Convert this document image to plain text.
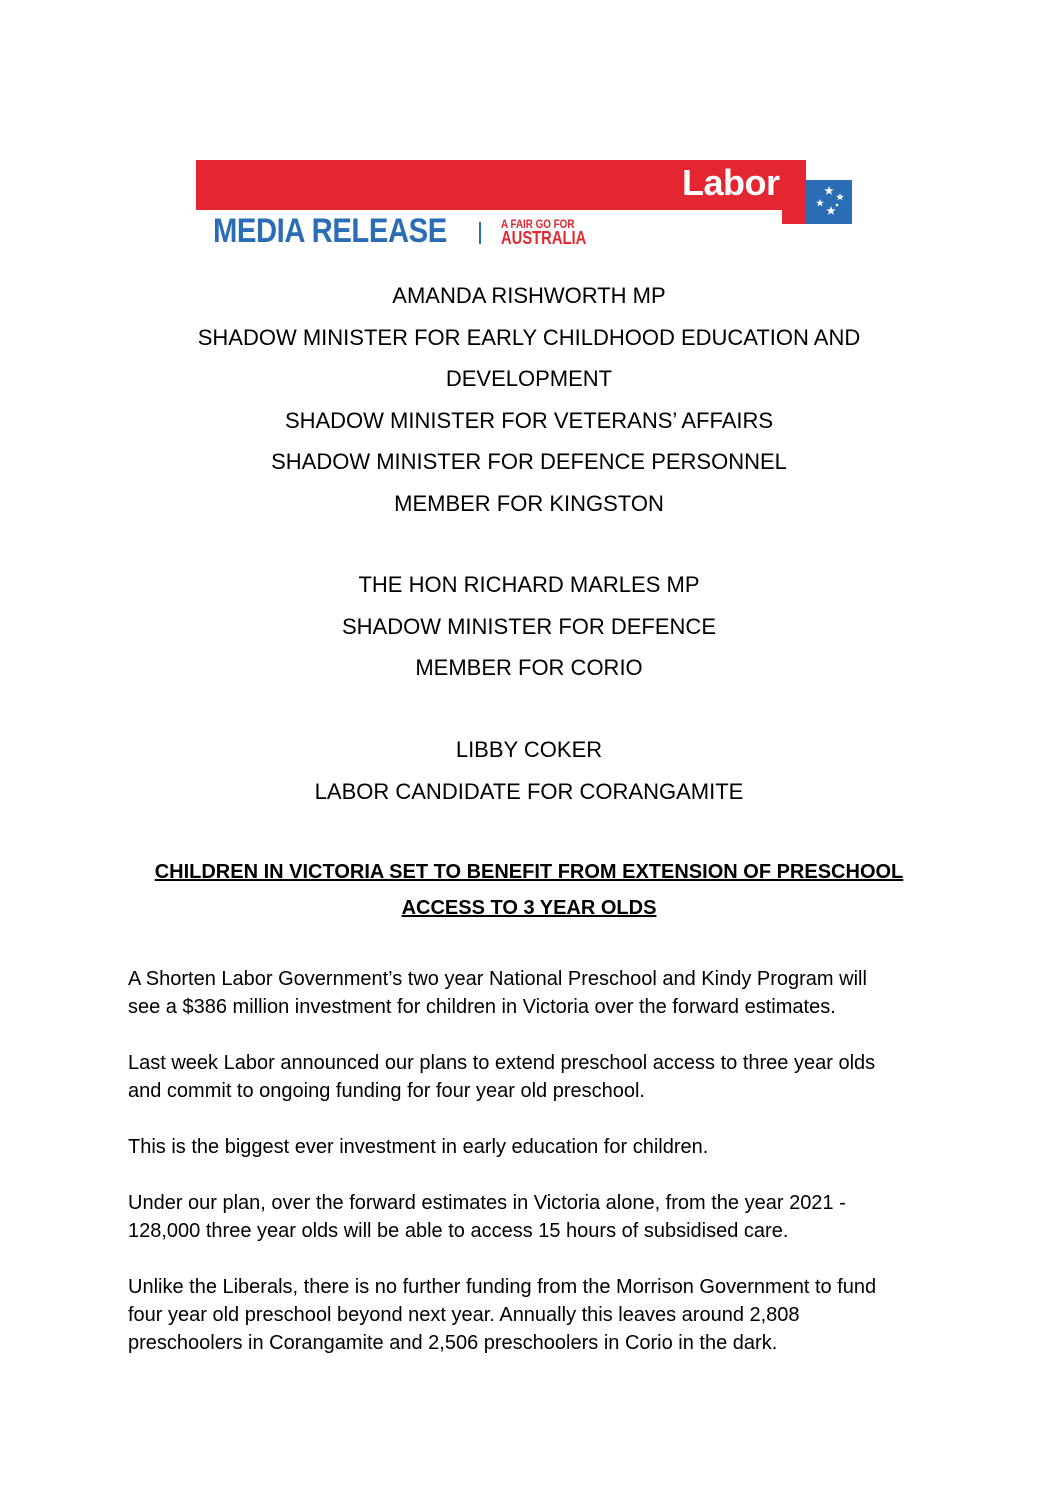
Labor
MEDIA RELEASE	A FAIR GO FOR
AUSTRALIA
AMANDA RISHWORTH MP
SHADOW MINISTER FOR EARLY CHILDHOOD EDUCATION AND
DEVELOPMENT
SHADOW MINISTER FOR VETERANS’ AFFAIRS
SHADOW MINISTER FOR DEFENCE PERSONNEL
MEMBER FOR KINGSTON
THE HON RICHARD MARLES MP
SHADOW MINISTER FOR DEFENCE
MEMBER FOR CORIO
LIBBY COKER
LABOR CANDIDATE FOR CORANGAMITE
CHILDREN IN VICTORIA SET TO BENEFIT FROM EXTENSION OF PRESCHOOL
ACCESS TO 3 YEAR OLDS

A Shorten Labor Government’s two year National Preschool and Kindy Program will
see a $386 million investment for children in Victoria over the forward estimates.

Last week Labor announced our plans to extend preschool access to three year olds
and commit to ongoing funding for four year old preschool.

This is the biggest ever investment in early education for children.

Under our plan, over the forward estimates in Victoria alone, from the year 2021 -
128,000 three year olds will be able to access 15 hours of subsidised care.

Unlike the Liberals, there is no further funding from the Morrison Government to fund
four year old preschool beyond next year. Annually this leaves around 2,808
preschoolers in Corangamite and 2,506 preschoolers in Corio in the dark.
